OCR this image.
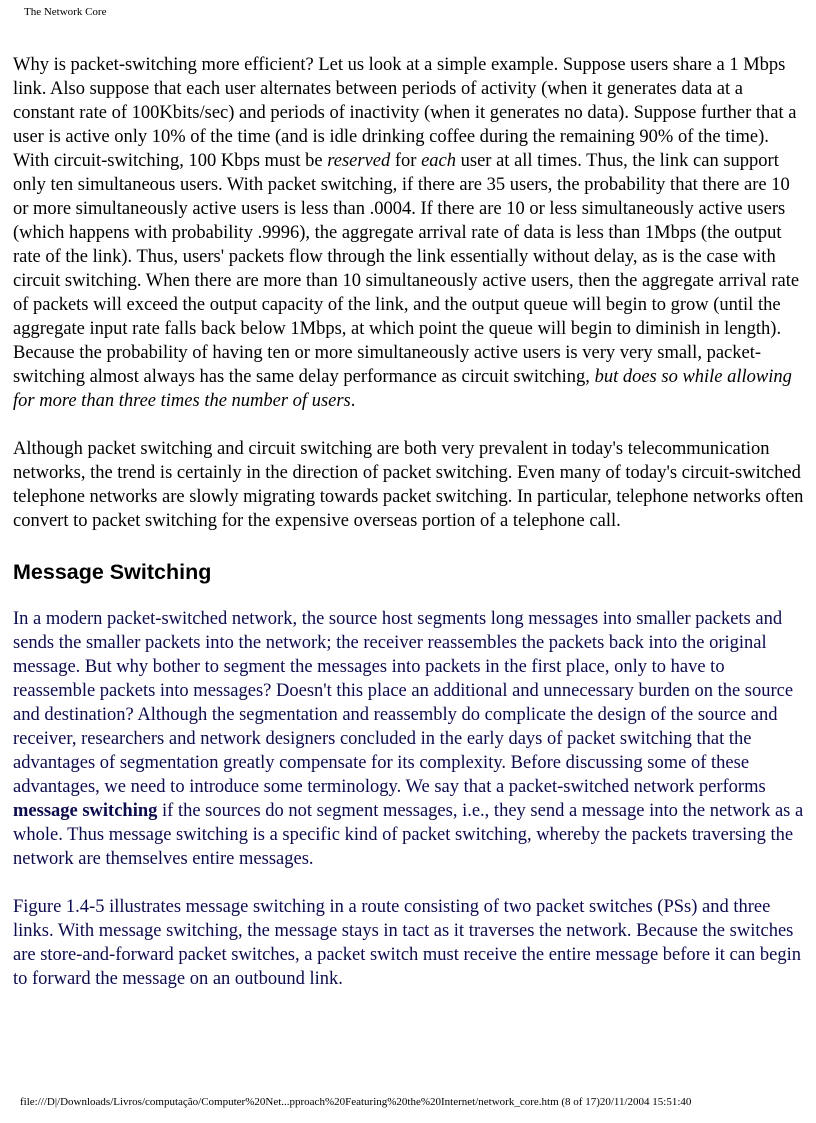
The Network Core

Why is packet-switching more efficient? Let us look at a simple example. Suppose users share a 1 Mbps link. Also suppose that each user alternates between periods of activity (when it generates data at a constant rate of 100Kbits/sec) and periods of inactivity (when it generates no data). Suppose further that a user is active only 10% of the time (and is idle drinking coffee during the remaining 90% of the time). With circuit-switching, 100 Kbps must be reserved for each user at all times. Thus, the link can support only ten simultaneous users. With packet switching, if there are 35 users, the probability that there are 10 or more simultaneously active users is less than .0004. If there are 10 or less simultaneously active users (which happens with probability .9996), the aggregate arrival rate of data is less than 1Mbps (the output rate of the link). Thus, users' packets flow through the link essentially without delay, as is the case with circuit switching. When there are more than 10 simultaneously active users, then the aggregate arrival rate of packets will exceed the output capacity of the link, and the output queue will begin to grow (until the aggregate input rate falls back below 1Mbps, at which point the queue will begin to diminish in length). Because the probability of having ten or more simultaneously active users is very very small, packet-switching almost always has the same delay performance as circuit switching, but does so while allowing for more than three times the number of users.

Although packet switching and circuit switching are both very prevalent in today's telecommunication networks, the trend is certainly in the direction of packet switching. Even many of today's circuit-switched telephone networks are slowly migrating towards packet switching. In particular, telephone networks often convert to packet switching for the expensive overseas portion of a telephone call.

Message Switching

In a modern packet-switched network, the source host segments long messages into smaller packets and sends the smaller packets into the network; the receiver reassembles the packets back into the original message. But why bother to segment the messages into packets in the first place, only to have to reassemble packets into messages? Doesn't this place an additional and unnecessary burden on the source and destination? Although the segmentation and reassembly do complicate the design of the source and receiver, researchers and network designers concluded in the early days of packet switching that the advantages of segmentation greatly compensate for its complexity. Before discussing some of these advantages, we need to introduce some terminology. We say that a packet-switched network performs message switching if the sources do not segment messages, i.e., they send a message into the network as a whole. Thus message switching is a specific kind of packet switching, whereby the packets traversing the network are themselves entire messages.

Figure 1.4-5 illustrates message switching in a route consisting of two packet switches (PSs) and three links. With message switching, the message stays in tact as it traverses the network. Because the switches are store-and-forward packet switches, a packet switch must receive the entire message before it can begin to forward the message on an outbound link.

file:///D|/Downloads/Livros/computação/Computer%20Net...pproach%20Featuring%20the%20Internet/network_core.htm (8 of 17)20/11/2004 15:51:40
